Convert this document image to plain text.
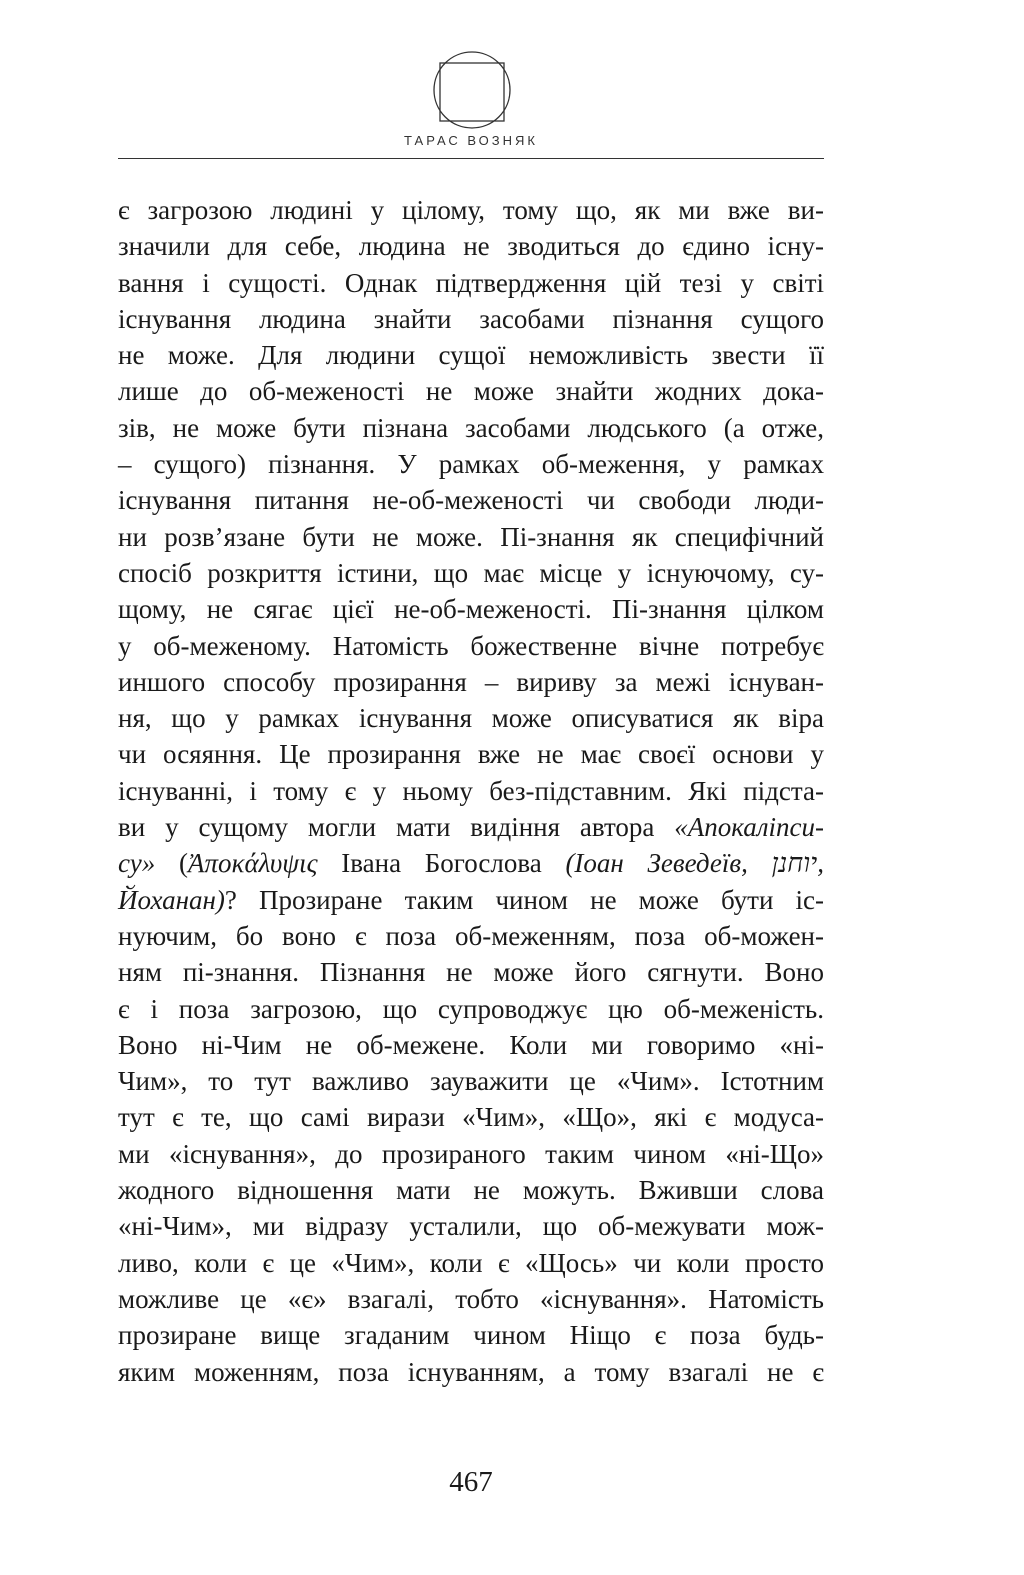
ТАРАС ВОЗНЯК
є загрозою людині у цілому, тому що, як ми вже ви-
значили для себе, людина не зводиться до єдино існу-
вання і сущості. Однак підтвердження цій тезі у світі
існування людина знайти засобами пізнання сущого
не може. Для людини сущої неможливість звести її
лише до об-меженості не може знайти жодних дока-
зів, не може бути пізнана засобами людського (а отже,
– сущого) пізнання. У рамках об-меження, у рамках
існування питання не-об-меженості чи свободи люди-
ни розв’язане бути не може. Пі-знання як специфічний
спосіб розкриття істини, що має місце у існуючому, су-
щому, не сягає цієї не-об-меженості. Пі-знання цілком
у об-меженому. Натомість божественне вічне потребує
иншого способу прозирання – вириву за межі існуван-
ня, що у рамках існування може описуватися як віра
чи осяяння. Це прозирання вже не має своєї основи у
існуванні, і тому є у ньому без-підставним. Які підста-
ви у сущому могли мати видіння автора «Апокаліпси-
су» (Ἀποκάλυψις Івана Богослова (Іоан Зеведеїв, יוחנן,
Йоханан)? Прозиране таким чином не може бути іс-
нуючим, бо воно є поза об-меженням, поза об-можен-
ням пі-знання. Пізнання не може його сягнути. Воно
є і поза загрозою, що супроводжує цю об-меженість.
Воно ні-Чим не об-межене. Коли ми говоримо «ні-
Чим», то тут важливо зауважити це «Чим». Істотним
тут є те, що самі вирази «Чим», «Що», які є модуса-
ми «існування», до прозираного таким чином «ні-Що»
жодного відношення мати не можуть. Вживши слова
«ні-Чим», ми відразу усталили, що об-межувати мож-
ливо, коли є це «Чим», коли є «Щось» чи коли просто
можливе це «є» взагалі, тобто «існування». Натомість
прозиране вище згаданим чином Ніщо є поза будь-
яким моженням, поза існуванням, а тому взагалі не є
467
